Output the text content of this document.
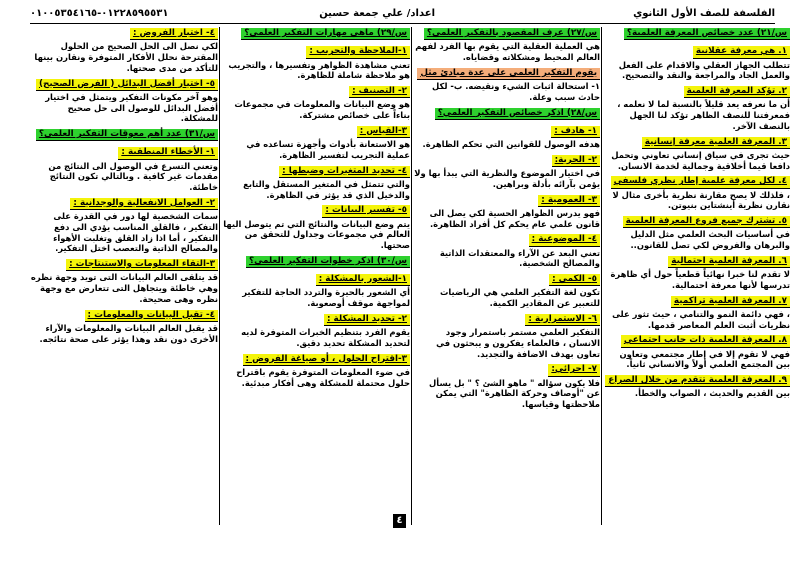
الفلسفة للصف الأول الثانوي
اعداد/ علي جمعة حسين
٠١٢٢٨٥٩٥٥٣١-٠١٠٠٥٣٥٤١٦٥
س/٢١) عدد خصائص المعرفة العلمية؟
١. هي معرفة عقلانية
تتطلب الجهاز العقلي والاقدام على الفعل والعمل الجاد والمراجعة والنقد والتصحيح.
٢. تؤكد المعرفة العلمية
أن ما نعرفه يعد قليلاً بالنسبة لما لا نعلمه ، فمعرفتنا للنصف الظاهر تؤكد لنا الجهل بالنصف الآخر.
٣. المعرفة العلمية معرفة إنسانية
حيث تجرى في سياق إنساني تعاوني وتحمل دافعا قيما أخلاقية وجمالية لخدمة الانسان.
٤. لكل معرفة علمية إطار نظري فلسفي
، فلذلك لا يصح مقارنة نظرية بأخرى مثال لا نقارن نظرية أينشتاين بنيوتن.
٥. تشترك جميع فروع المعرفة العلمية
في أساسيات البحث العلمي مثل الدليل والبرهان والفروض لكي تصل للقانون..
٦. المعرفة العلمية احتمالية
لا تقدم لنا خبرا نهائياً قطعياً حول أي ظاهرة تدرسها لأنها معرفة احتمالية.
٧. المعرفة العلمية تراكمية
، فهي دائمة النمو والتنامي ، حيث تثور على نظريات أثبت العلم المعاصر قدمها.
٨. المعرفة العلمية ذات جانب اجتماعي
فهي لا تقوم إلا في إطار مجتمعي وتعاون بين المجتمع العلمي أولاً والانساني ثانياً.
٩. المعرفة العلمية تتقدم من خلال الصراع
بين القديم والحديث ، الصواب والخطأ.
س/٢٧) عرف المقصود بالتفكير العلمي؟
هي العملية العقلية التي يقوم بها الفرد لفهم العالم المحيط ومشكلاته وقضاياه.
يقوم التفكير العلمي على عدة مبادئ مثل
١- استحالة اثبات الشيء ونقيضه. ب- لكل حادث سبب وعلة.
س/٢٨) اذكر خصائص التفكير العلمي؟
١- هادف :
هدفه الوصول للقوانين التي تحكم الظاهرة.
٢- الحرية:
في اختيار الموضوع والنظرية التي يبدأ بها ولا يؤمن بآرائه بأدلة وبراهين.
٣- العمومية :
فهو يدرس الظواهر الحسية لكي يصل الى قانون علمي عام يحكم كل أفراد الظاهرة.
٤- الموضوعية :
تعني البعد عن الآراء والمعتقدات الذاتية والمصالح الشخصية.
٥- الكمي :
تكون لغة التفكير العلمي هي الرياضيات للتعبير عن المقادير الكمية.
٦- الاستمرارية :
التفكير العلمي مستمر باستمرار وجود الانسان ، فالعلماء يفكرون و يبحثون في تعاون بهدف الاضافة والتجديد.
٧- اجرائي:
فلا يكون سؤاله " ماهو الشئ ؟ " بل يسأل عن "أوصاف وحركة الظاهرة" التي يمكن ملاحظتها وقياسها.
س/٢٩) ماهي مهارات التفكير العلمي؟
١-الملاحظة والتجريب :
تعني مشاهدة الظواهر وتفسيرها ، والتجريب هو ملاحظة شاملة للظاهرة.
٢- التصنيف :
هو وضع البيانات والمعلومات في مجموعات بناءاً على خصائص مشتركة.
٣-القياس :
هو الاستعانة بأدوات وأجهزة تساعده في عملية التجريب لتفسير الظاهرة.
٤- تحديد المتغيرات وضبطها :
والتي تتمثل في المتغير المستقل والتابع والدخيل الذي قد يؤثر في الظاهرة.
٥- تفسير البيانات :
يتم وضع البيانات والنتائج التي تم يتوصل اليها العالم في مجموعات وجداول للتحقق من صحتها.
س/٣٠) اذكر خطوات التفكير العلمي؟
١-الشعور بالمشكلة :
أي الشعور بالحيرة والتردد الحاجة للتفكير لمواجهة موقف أوصعوبة.
٢- تحديد المشكلة :
يقوم الفرد بتنظيم الخبرات المتوفرة لديه لتحديد المشكلة تحديد دقيق.
٣-اقتراح الحلول ، أو صياغة الفروض :
في ضوء المعلومات المتوفرة يقوم باقتراح حلول محتملة للمشكلة وهى أفكار مبدئية.
٤- اختبار الفروض :
لكي نصل الى الحل الصحيح من الحلول المقترحة نحلل الأفكار المتوفرة ونقارن بينها للتأكد من مدى صحتها.
٥- اختيار أفضل البدائل ( الفرض الصحيح)
وهو آخر مكونات التفكير ويتمثل في اختيار أفضل البدائل للوصول الى حل صحيح للمشكلة.
س/٣١) عدد أهم معوقات التفكير العلمي؟
١- الأخطاء المنطقية :
وتعني التسرع في الوصول الى النتائج من مقدمات غير كافية . وبالتالي تكون النتائج خاطئة.
٢- العوامل الانفعالية والوجدانية :
سمات الشخصية لها دور في القدرة على التفكير ، فالقلق المناسب يؤدي الى دفع التفكير ، أما اذا زاد القلق وتغلبت الأهواء والمصالح الذاتية والتعصب اختل التفكير.
٣-التقاء المعلومات والاستنتاجات :
قد يتلقى العالم البيانات التى تويد وجهة نظره وهي خاطئة ويتجاهل التى تتعارض مع وجهة نظره وهى صحيحة.
٤- تقبل البيانات والمعلومات :
قد يقبل العالم البيانات والمعلومات والآراء الأخرى دون نقد وهذا يؤثر على صحة نتائجه.
٤
